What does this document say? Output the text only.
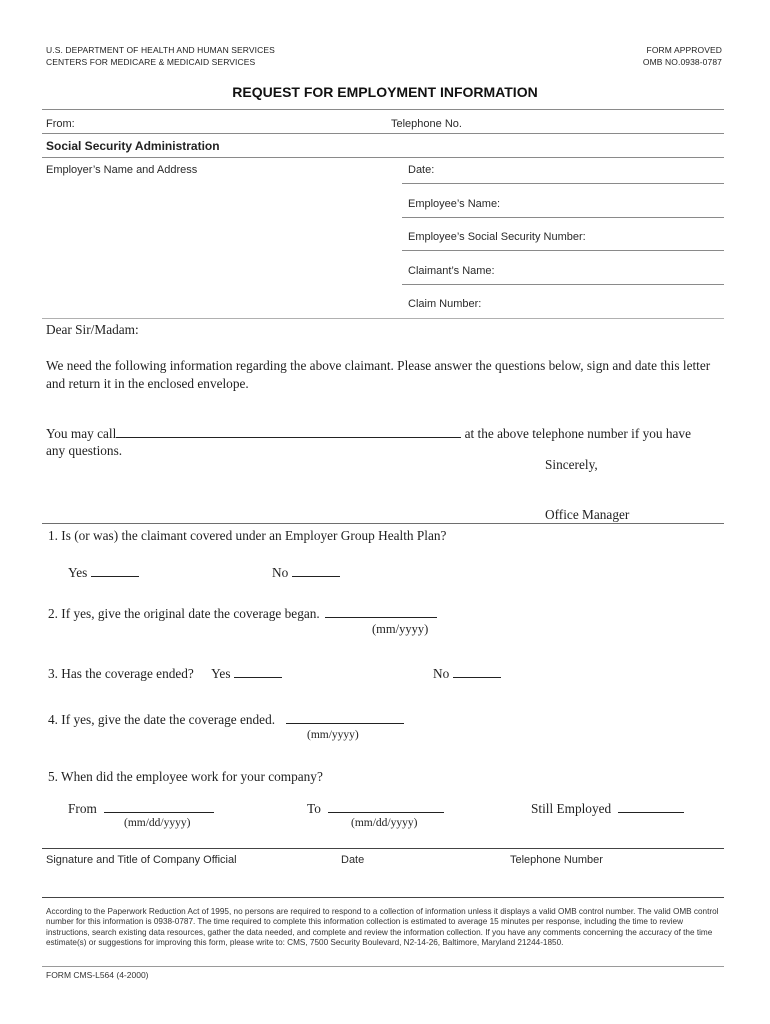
U.S. DEPARTMENT OF HEALTH AND HUMAN SERVICES
CENTERS FOR MEDICARE & MEDICAID SERVICES
FORM APPROVED
OMB NO.0938-0787
REQUEST FOR EMPLOYMENT INFORMATION
From:	Telephone No.
Social Security Administration
Employer’s Name and Address	Date:
Employee’s Name:
Employee’s Social Security Number:
Claimant’s Name:
Claim Number:
Dear Sir/Madam:
We need the following information regarding the above claimant. Please answer the questions below, sign and date this letter and return it in the enclosed envelope.
You may call	at the above telephone number if you have
any questions.
Sincerely,
Office Manager
1. Is (or was) the claimant covered under an Employer Group Health Plan?
Yes	No
2. If yes, give the original date the coverage began.
(mm/yyyy)
3. Has the coverage ended? Yes	No
4. If yes, give the date the coverage ended.
(mm/yyyy)
5. When did the employee work for your company?
From
(mm/dd/yyyy)
To
(mm/dd/yyyy)
Still Employed
Signature and Title of Company Official	Date	Telephone Number
According to the Paperwork Reduction Act of 1995, no persons are required to respond to a collection of information unless it displays a valid OMB control number. The valid OMB control number for this information is 0938-0787. The time required to complete this information collection is estimated to average 15 minutes per response, including the time to review instructions, search existing data resources, gather the data needed, and complete and review the information collection. If you have any comments concerning the accuracy of the time estimate(s) or suggestions for improving this form, please write to: CMS, 7500 Security Boulevard, N2-14-26, Baltimore, Maryland 21244-1850.
FORM CMS-L564 (4-2000)
